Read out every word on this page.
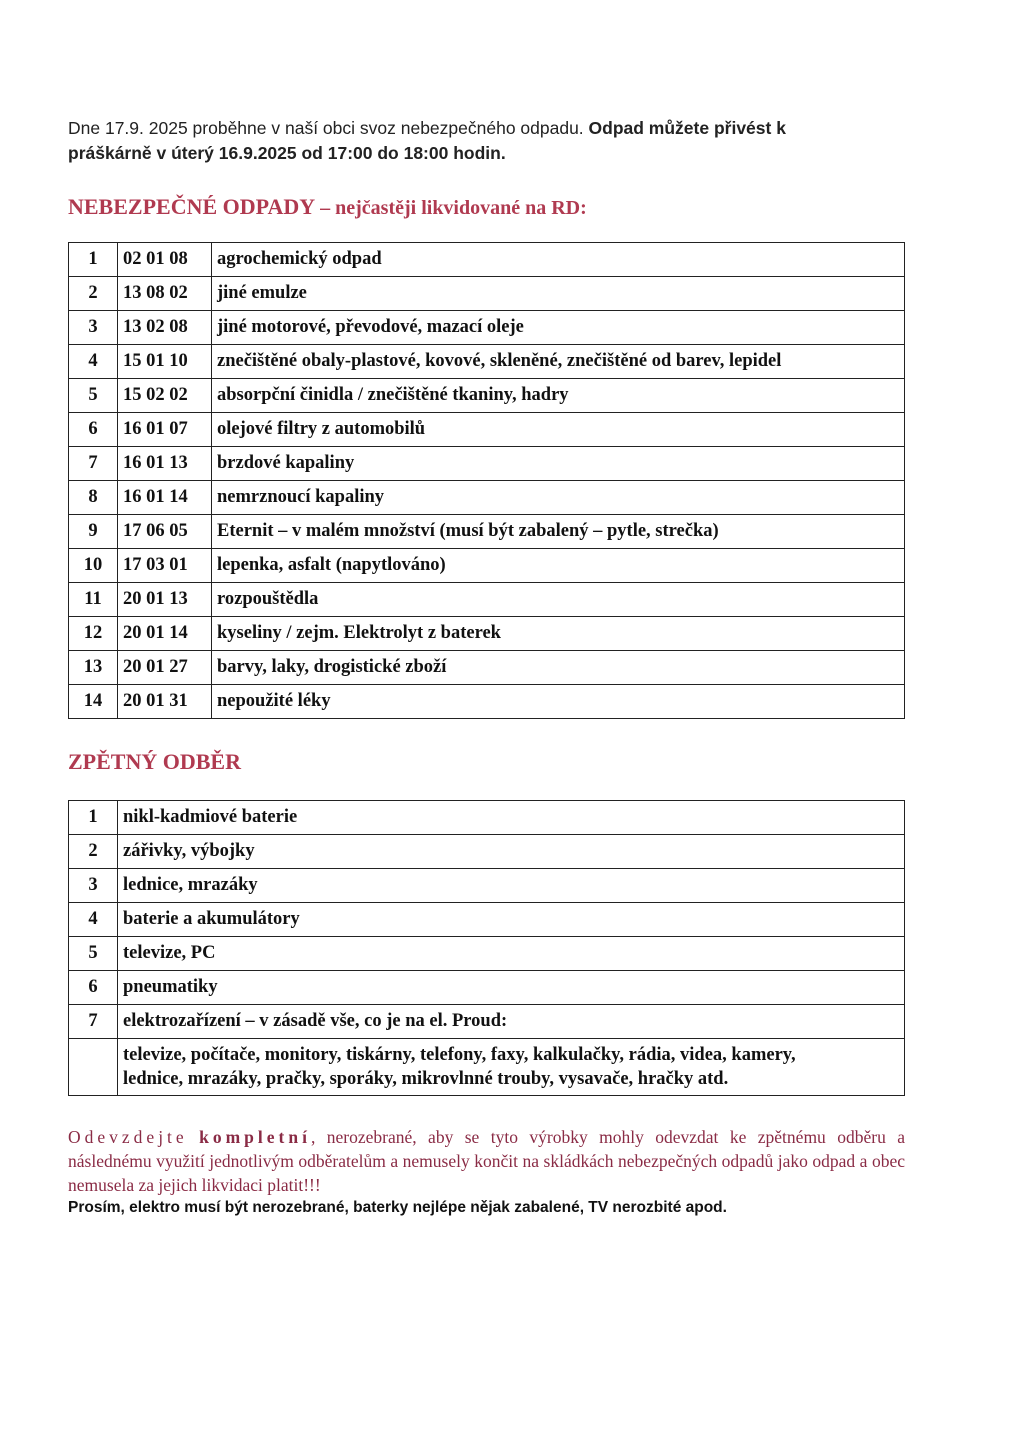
Dne 17.9. 2025 proběhne v naší obci svoz nebezpečného odpadu. Odpad můžete přivést k práškárně v úterý 16.9.2025 od 17:00 do 18:00 hodin.
NEBEZPEČNÉ ODPADY – nejčastěji likvidované na RD:
1	02 01 08	agrochemický odpad
2	13 08 02	jiné emulze
3	13 02 08	jiné motorové, převodové, mazací oleje
4	15 01 10	znečištěné obaly-plastové, kovové, skleněné, znečištěné od barev, lepidel
5	15 02 02	absorpční činidla / znečištěné tkaniny, hadry
6	16 01 07	olejové filtry z automobilů
7	16 01 13	brzdové kapaliny
8	16 01 14	nemrznoucí kapaliny
9	17 06 05	Eternit – v malém množství (musí být zabalený – pytle, strečka)
10	17 03 01	lepenka, asfalt (napytlováno)
11	20 01 13	rozpouštědla
12	20 01 14	kyseliny / zejm. Elektrolyt z baterek
13	20 01 27	barvy, laky, drogistické zboží
14	20 01 31	nepoužité léky
ZPĚTNÝ ODBĚR
1	nikl-kadmiové baterie
2	zářivky, výbojky
3	lednice, mrazáky
4	baterie a akumulátory
5	televize, PC
6	pneumatiky
7	elektrozařízení – v zásadě vše, co je na el. Proud:
	televize, počítače, monitory, tiskárny, telefony, faxy, kalkulačky, rádia, videa, kamery,
lednice, mrazáky, pračky, sporáky, mikrovlnné trouby, vysavače, hračky atd.
Odevzdejte kompletní, nerozebrané, aby se tyto výrobky mohly odevzdat ke zpětnému odběru a následnému využití jednotlivým odběratelům a nemusely končit na skládkách nebezpečných odpadů jako odpad a obec nemusela za jejich likvidaci platit!!!
Prosím, elektro musí být nerozebrané, baterky nejlépe nějak zabalené, TV nerozbité apod.
